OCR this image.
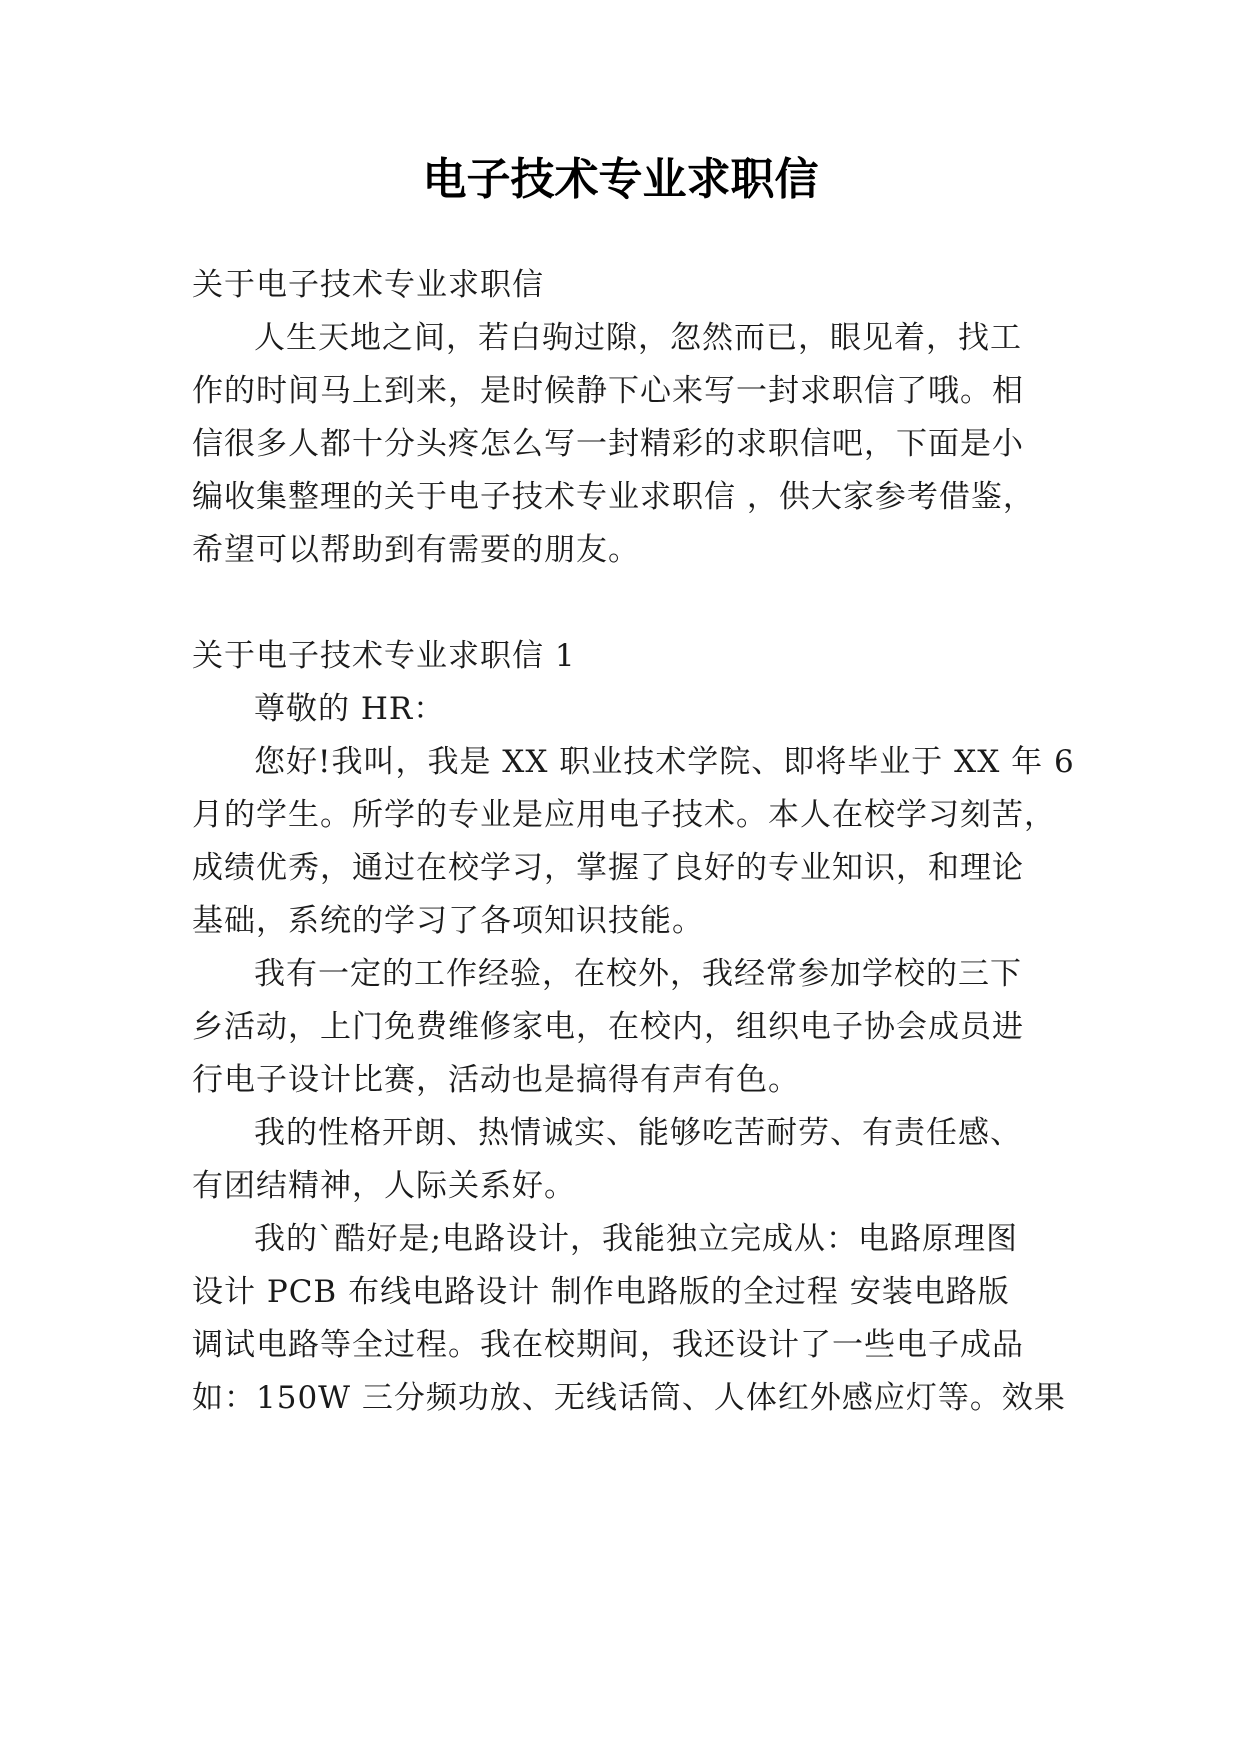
电子技术专业求职信
关于电子技术专业求职信
人生天地之间，若白驹过隙，忽然而已，眼见着，找工
作的时间马上到来，是时候静下心来写一封求职信了哦。相
信很多人都十分头疼怎么写一封精彩的求职信吧，下面是小
编收集整理的关于电子技术专业求职信 ，供大家参考借鉴，
希望可以帮助到有需要的朋友。
关于电子技术专业求职信 1
尊敬的 HR：
您好!我叫，我是 XX 职业技术学院、即将毕业于 XX 年 6
月的学生。所学的专业是应用电子技术。本人在校学习刻苦，
成绩优秀，通过在校学习，掌握了良好的专业知识，和理论
基础，系统的学习了各项知识技能。
我有一定的工作经验，在校外，我经常参加学校的三下
乡活动，上门免费维修家电，在校内，组织电子协会成员进
行电子设计比赛，活动也是搞得有声有色。
我的性格开朗、热情诚实、能够吃苦耐劳、有责任感、
有团结精神，人际关系好。
我的`酷好是;电路设计，我能独立完成从：电路原理图
设计 PCB 布线电路设计 制作电路版的全过程 安装电路版
调试电路等全过程。我在校期间，我还设计了一些电子成品
如：150W 三分频功放、无线话筒、人体红外感应灯等。效果
